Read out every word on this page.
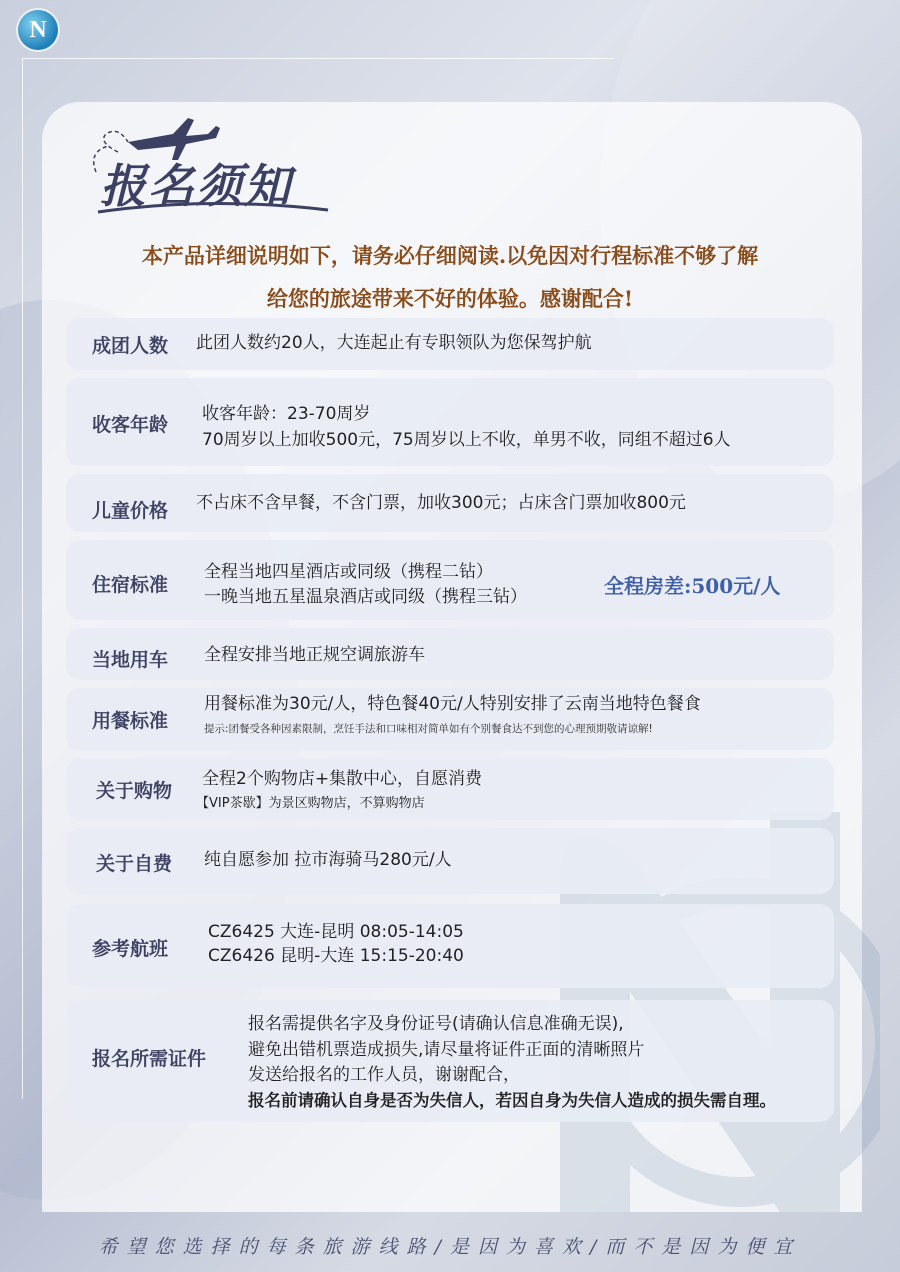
N
报名须知
本产品详细说明如下，请务必仔细阅读.以免因对行程标准不够了解
给您的旅途带来不好的体验。感谢配合!
成团人数 此团人数约20人，大连起止有专职领队为您保驾护航
收客年龄 收客年龄：23-70周岁
70周岁以上加收500元，75周岁以上不收，单男不收，同组不超过6人
儿童价格 不占床不含早餐，不含门票，加收300元；占床含门票加收800元
住宿标准
全程当地四星酒店或同级（携程二钻）
一晚当地五星温泉酒店或同级（携程三钻）	全程房差:500元/人
当地用车 全程安排当地正规空调旅游车
用餐标准
用餐标准为30元/人，特色餐40元/人特别安排了云南当地特色餐食
提示:团餐受各种因素限制，烹饪手法和口味相对简单如有个别餐食达不到您的心理预期敬请谅解!
关于购物
全程2个购物店+集散中心，自愿消费
【VIP茶歇】为景区购物店，不算购物店
关于自费 纯自愿参加 拉市海骑马280元/人
参考航班
CZ6425 大连-昆明 08:05-14:05
CZ6426 昆明-大连 15:15-20:40
报名所需证件
报名需提供名字及身份证号(请确认信息准确无误),
避免出错机票造成损失,请尽量将证件正面的清晰照片
发送给报名的工作人员，谢谢配合，
报名前请确认自身是否为失信人，若因自身为失信人造成的损失需自理。
希望您选择的每条旅游线路/是因为喜欢/而不是因为便宜
